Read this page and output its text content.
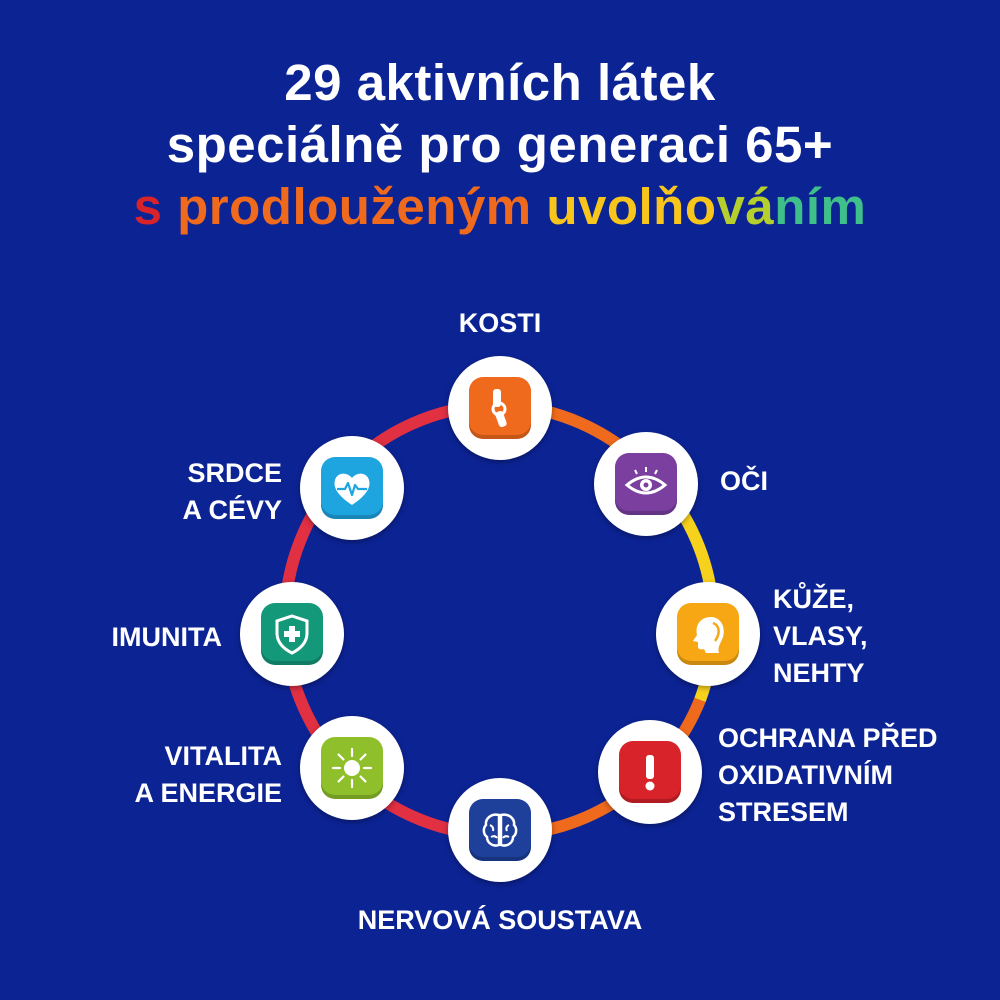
29 aktivních látek
speciálně pro generaci 65+
s prodlouženým uvolňováním
KOSTI
OČI
KŮŽE,
VLASY,
NEHTY
OCHRANA PŘED
OXIDATIVNÍM
STRESEM
NERVOVÁ SOUSTAVA
VITALITA
A ENERGIE
IMUNITA
SRDCE
A CÉVY
